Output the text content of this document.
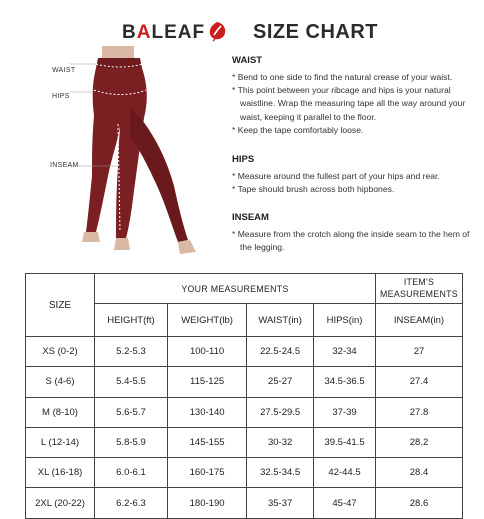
BALEAF SIZE CHART
WAIST
HIPS
INSEAM
WAIST
* Bend to one side to find the natural crease of your waist.
* This point between your ribcage and hips is your natural waistline. Wrap the measuring tape all the way around your waist, keeping it parallel to the floor.
* Keep the tape comfortably loose.
HIPS
* Measure around the fullest part of your hips and rear.
* Tape should brush across both hipbones.
INSEAM
* Measure from the crotch along the inside seam to the hem of the legging.
SIZE	YOUR MEASUREMENTS				ITEM'S
MEASUREMENTS
	HEIGHT(ft)	WEIGHT(lb)	WAIST(in)	HIPS(in)	INSEAM(in)
XS (0-2)	5.2-5.3	100-110	22.5-24.5	32-34	27
S (4-6)	5.4-5.5	115-125	25-27	34.5-36.5	27.4
M (8-10)	5.6-5.7	130-140	27.5-29.5	37-39	27.8
L (12-14)	5.8-5.9	145-155	30-32	39.5-41.5	28.2
XL (16-18)	6.0-6.1	160-175	32.5-34.5	42-44.5	28.4
2XL (20-22)	6.2-6.3	180-190	35-37	45-47	28.6
